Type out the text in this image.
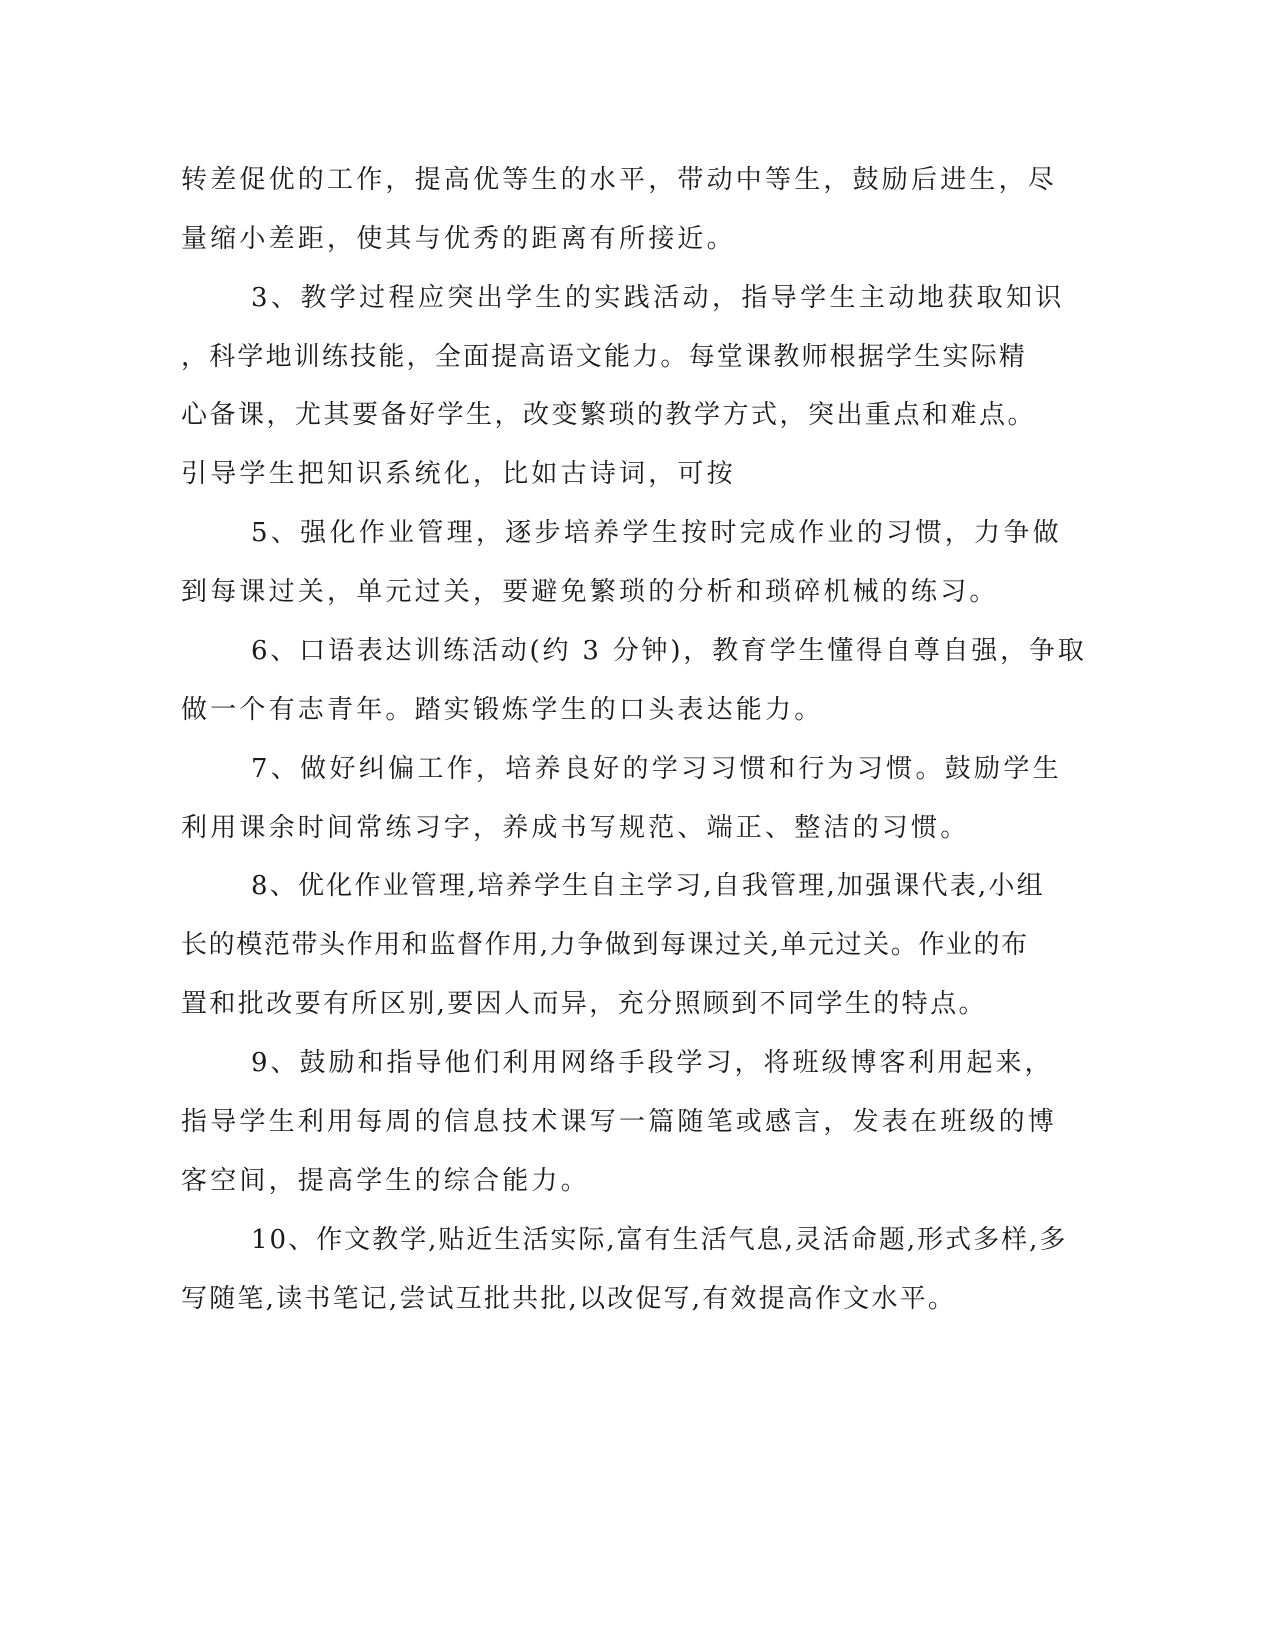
转差促优的工作，提高优等生的水平，带动中等生，鼓励后进生，尽
量缩小差距，使其与优秀的距离有所接近。
3、教学过程应突出学生的实践活动，指导学生主动地获取知识
，科学地训练技能，全面提高语文能力。每堂课教师根据学生实际精
心备课，尤其要备好学生，改变繁琐的教学方式，突出重点和难点。
引导学生把知识系统化，比如古诗词，可按
5、强化作业管理，逐步培养学生按时完成作业的习惯，力争做
到每课过关，单元过关，要避免繁琐的分析和琐碎机械的练习。
6、口语表达训练活动(约 3 分钟)，教育学生懂得自尊自强，争取
做一个有志青年。踏实锻炼学生的口头表达能力。
7、做好纠偏工作，培养良好的学习习惯和行为习惯。鼓励学生
利用课余时间常练习字，养成书写规范、端正、整洁的习惯。
8、优化作业管理,培养学生自主学习,自我管理,加强课代表,小组
长的模范带头作用和监督作用,力争做到每课过关,单元过关。作业的布
置和批改要有所区别,要因人而异，充分照顾到不同学生的特点。
9、鼓励和指导他们利用网络手段学习，将班级博客利用起来，
指导学生利用每周的信息技术课写一篇随笔或感言，发表在班级的博
客空间，提高学生的综合能力。
10、作文教学,贴近生活实际,富有生活气息,灵活命题,形式多样,多
写随笔,读书笔记,尝试互批共批,以改促写,有效提高作文水平。
